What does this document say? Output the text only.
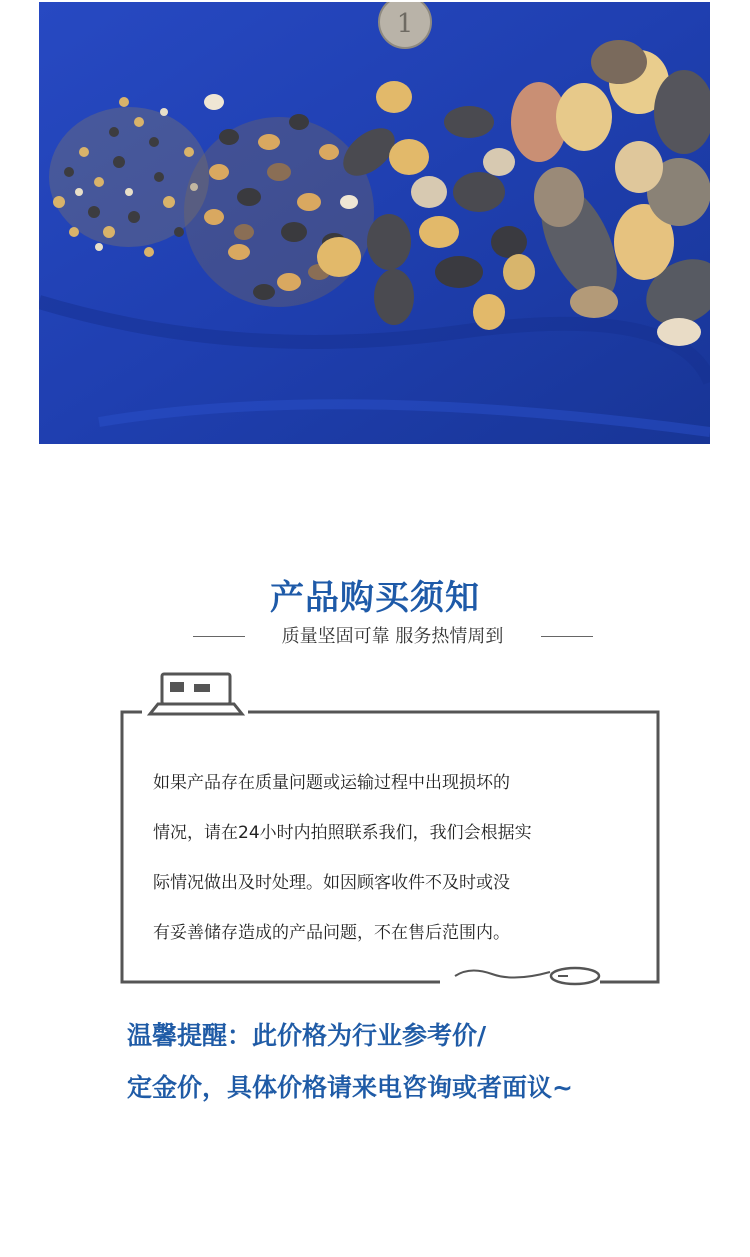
1
产品购买须知
质量坚固可靠 服务热情周到
如果产品存在质量问题或运输过程中出现损坏的
情况，请在24小时内拍照联系我们，我们会根据实
际情况做出及时处理。如因顾客收件不及时或没
有妥善储存造成的产品问题，不在售后范围内。
温馨提醒：此价格为行业参考价/
定金价，具体价格请来电咨询或者面议~
